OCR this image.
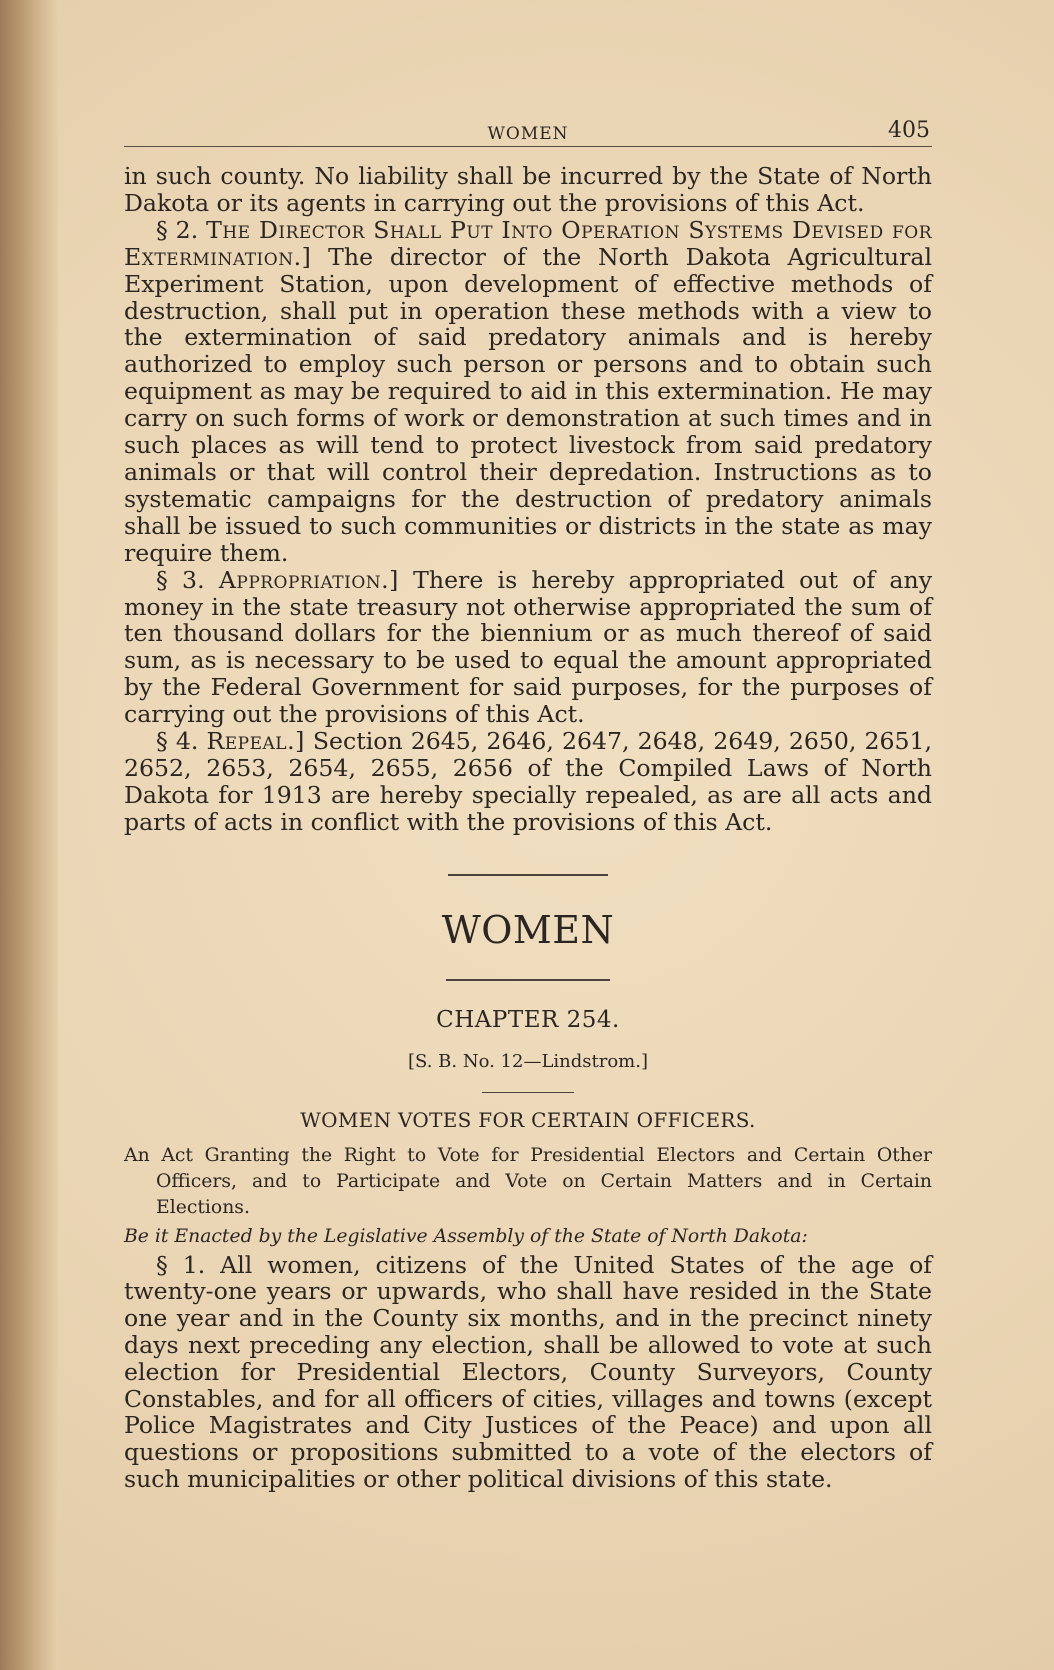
WOMEN	405

in such county. No liability shall be incurred by the State of North Dakota or its agents in carrying out the provisions of this Act.

§ 2. The Director Shall Put Into Operation Systems Devised for Extermination.] The director of the North Dakota Agricultural Experiment Station, upon development of effective methods of destruction, shall put in operation these methods with a view to the extermination of said predatory animals and is hereby authorized to employ such person or persons and to obtain such equipment as may be required to aid in this extermination. He may carry on such forms of work or demonstration at such times and in such places as will tend to protect livestock from said predatory animals or that will control their depredation. Instructions as to systematic campaigns for the destruction of predatory animals shall be issued to such communities or districts in the state as may require them.

§ 3. Appropriation.] There is hereby appropriated out of any money in the state treasury not otherwise appropriated the sum of ten thousand dollars for the biennium or as much thereof of said sum, as is necessary to be used to equal the amount appropriated by the Federal Government for said purposes, for the purposes of carrying out the provisions of this Act.

§ 4. Repeal.] Section 2645, 2646, 2647, 2648, 2649, 2650, 2651, 2652, 2653, 2654, 2655, 2656 of the Compiled Laws of North Dakota for 1913 are hereby specially repealed, as are all acts and parts of acts in conflict with the provisions of this Act.

WOMEN
CHAPTER 254.
[S. B. No. 12—Lindstrom.]
WOMEN VOTES FOR CERTAIN OFFICERS.
An Act Granting the Right to Vote for Presidential Electors and Certain Other Officers, and to Participate and Vote on Certain Matters and in Certain Elections.
Be it Enacted by the Legislative Assembly of the State of North Dakota:

§ 1. All women, citizens of the United States of the age of twenty-one years or upwards, who shall have resided in the State one year and in the County six months, and in the precinct ninety days next preceding any election, shall be allowed to vote at such election for Presidential Electors, County Surveyors, County Constables, and for all officers of cities, villages and towns (except Police Magistrates and City Justices of the Peace) and upon all questions or propositions submitted to a vote of the electors of such municipalities or other political divisions of this state.
